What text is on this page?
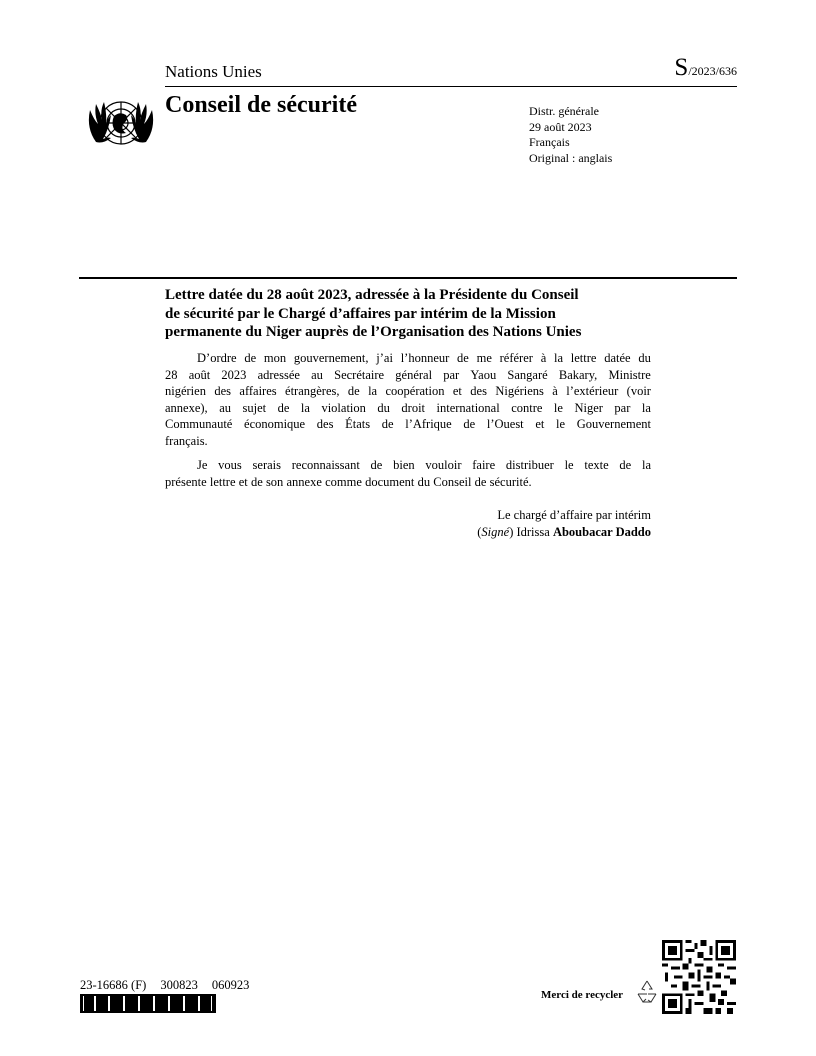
Nations Unies	S/2023/636
Conseil de sécurité	Distr. générale
29 août 2023
Français
Original : anglais
Lettre datée du 28 août 2023, adressée à la Présidente du Conseil
de sécurité par le Chargé d’affaires par intérim de la Mission
permanente du Niger auprès de l’Organisation des Nations Unies
D’ordre de mon gouvernement, j’ai l’honneur de me référer à la lettre datée du
28 août 2023 adressée au Secrétaire général par Yaou Sangaré Bakary, Ministre
nigérien des affaires étrangères, de la coopération et des Nigériens à l’extérieur (voir
annexe), au sujet de la violation du droit international contre le Niger par la
Communauté économique des États de l’Afrique de l’Ouest et le Gouvernement
français.
Je vous serais reconnaissant de bien vouloir faire distribuer le texte de la
présente lettre et de son annexe comme document du Conseil de sécurité.
Le chargé d’affaire par intérim
(Signé) Idrissa Aboubacar Daddo
23-16686 (F) 300823 060923
Merci de recycler
